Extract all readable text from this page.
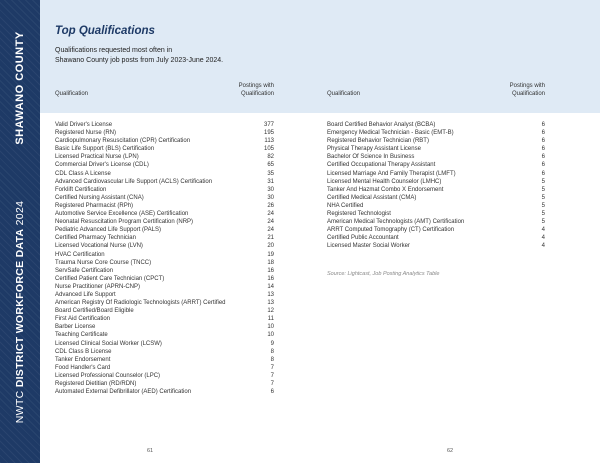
SHAWANO COUNTY
NWTC DISTRICT WORKFORCE DATA 2024
Top Qualifications
Qualifications requested most often in
Shawano County job posts from July 2023-June 2024.
Qualification
Postings with
Qualification	Qualification
Postings with
Qualification
Valid Driver's License	377
Registered Nurse (RN)	195
Cardiopulmonary Resuscitation (CPR) Certification	113
Basic Life Support (BLS) Certification	105
Licensed Practical Nurse (LPN)	82
Commercial Driver's License (CDL)	65
CDL Class A License	35
Advanced Cardiovascular Life Support (ACLS) Certification	31
Forklift Certification	30
Certified Nursing Assistant (CNA)	30
Registered Pharmacist (RPh)	26
Automotive Service Excellence (ASE) Certification	24
Neonatal Resuscitation Program Certification (NRP)	24
Pediatric Advanced Life Support (PALS)	24
Certified Pharmacy Technician	21
Licensed Vocational Nurse (LVN)	20
HVAC Certification	19
Trauma Nurse Core Course (TNCC)	18
ServSafe Certification	16
Certified Patient Care Technician (CPCT)	16
Nurse Practitioner (APRN-CNP)	14
Advanced Life Support	13
American Registry Of Radiologic Technologists (ARRT) Certified	13
Board Certified/Board Eligible	12
First Aid Certification	11
Barber License	10
Teaching Certificate	10
Licensed Clinical Social Worker (LCSW)	9
CDL Class B License	8
Tanker Endorsement	8
Food Handler's Card	7
Licensed Professional Counselor (LPC)	7
Registered Dietitian (RD/RDN)	7
Automated External Defibrillator (AED) Certification	6
Board Certified Behavior Analyst (BCBA)	6
Emergency Medical Technician - Basic (EMT-B)	6
Registered Behavior Technician (RBT)	6
Physical Therapy Assistant License	6
Bachelor Of Science In Business	6
Certified Occupational Therapy Assistant	6
Licensed Marriage And Family Therapist (LMFT)	6
Licensed Mental Health Counselor (LMHC)	5
Tanker And Hazmat Combo X Endorsement	5
Certified Medical Assistant (CMA)	5
NHA Certified	5
Registered Technologist	5
American Medical Technologists (AMT) Certification	5
ARRT Computed Tomography (CT) Certification	4
Certified Public Accountant	4
Licensed Master Social Worker	4
Source: Lightcast, Job Posting Analytics Table
61	62
